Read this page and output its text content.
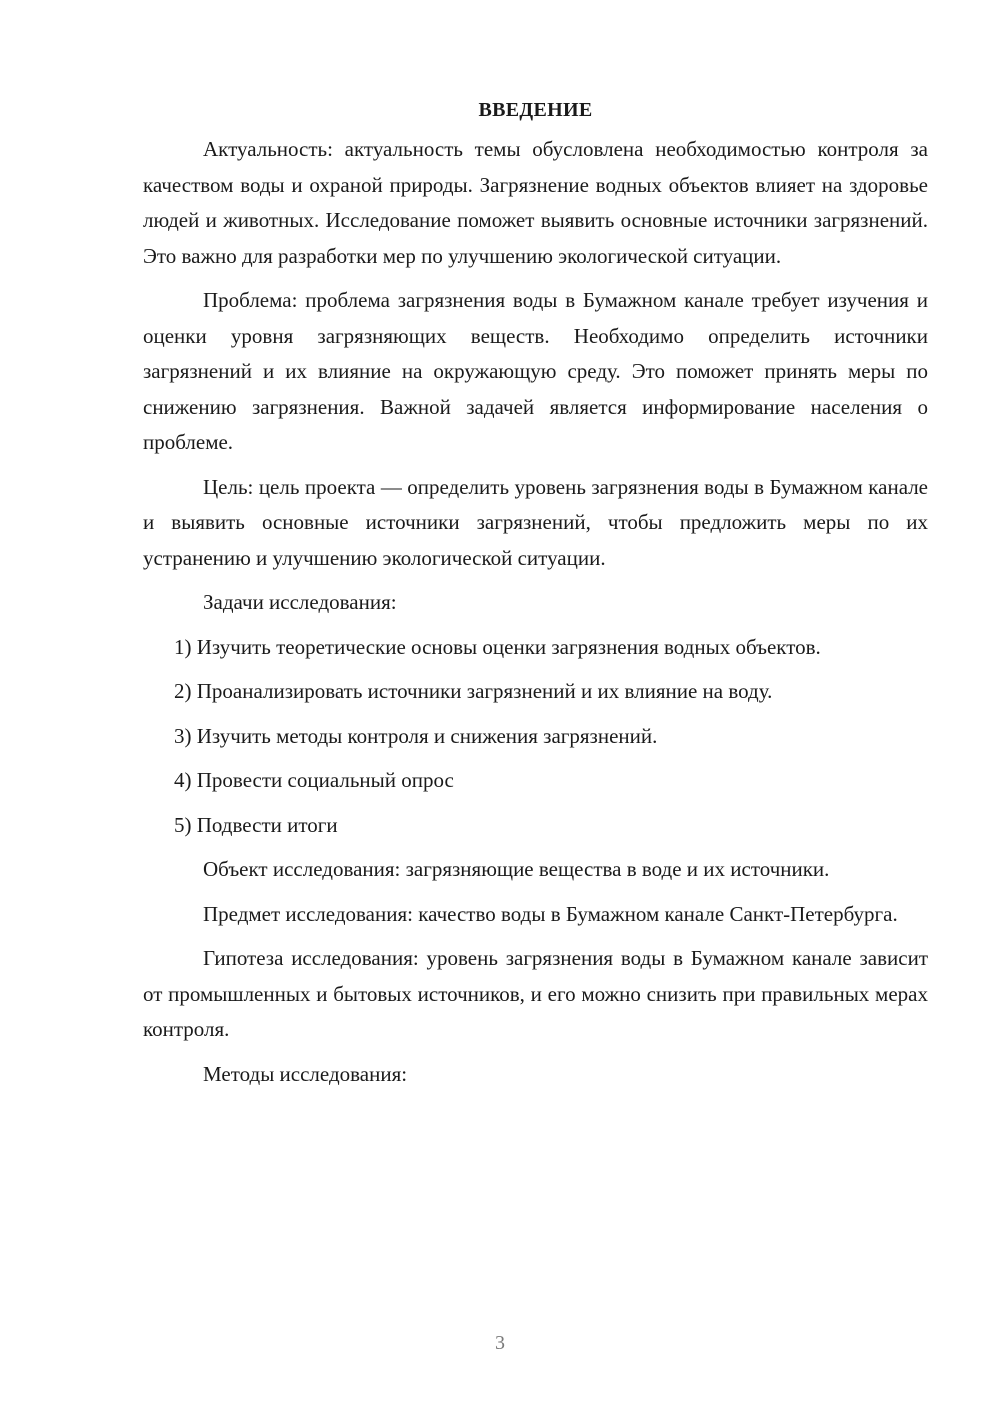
ВВЕДЕНИЕ

Актуальность: актуальность темы обусловлена необходимостью контроля за качеством воды и охраной природы. Загрязнение водных объектов влияет на здоровье людей и животных. Исследование поможет выявить основные источники загрязнений. Это важно для разработки мер по улучшению экологической ситуации.

Проблема: проблема загрязнения воды в Бумажном канале требует изучения и оценки уровня загрязняющих веществ. Необходимо определить источники загрязнений и их влияние на окружающую среду. Это поможет принять меры по снижению загрязнения. Важной задачей является информирование населения о проблеме.

Цель: цель проекта — определить уровень загрязнения воды в Бумажном канале и выявить основные источники загрязнений, чтобы предложить меры по их устранению и улучшению экологической ситуации.

Задачи исследования:

1) Изучить теоретические основы оценки загрязнения водных объектов.

2) Проанализировать источники загрязнений и их влияние на воду.

3) Изучить методы контроля и снижения загрязнений.

4) Провести социальный опрос

5) Подвести итоги

Объект исследования: загрязняющие вещества в воде и их источники.

Предмет исследования: качество воды в Бумажном канале Санкт-Петербурга.

Гипотеза исследования: уровень загрязнения воды в Бумажном канале зависит от промышленных и бытовых источников, и его можно снизить при правильных мерах контроля.

Методы исследования:

3
